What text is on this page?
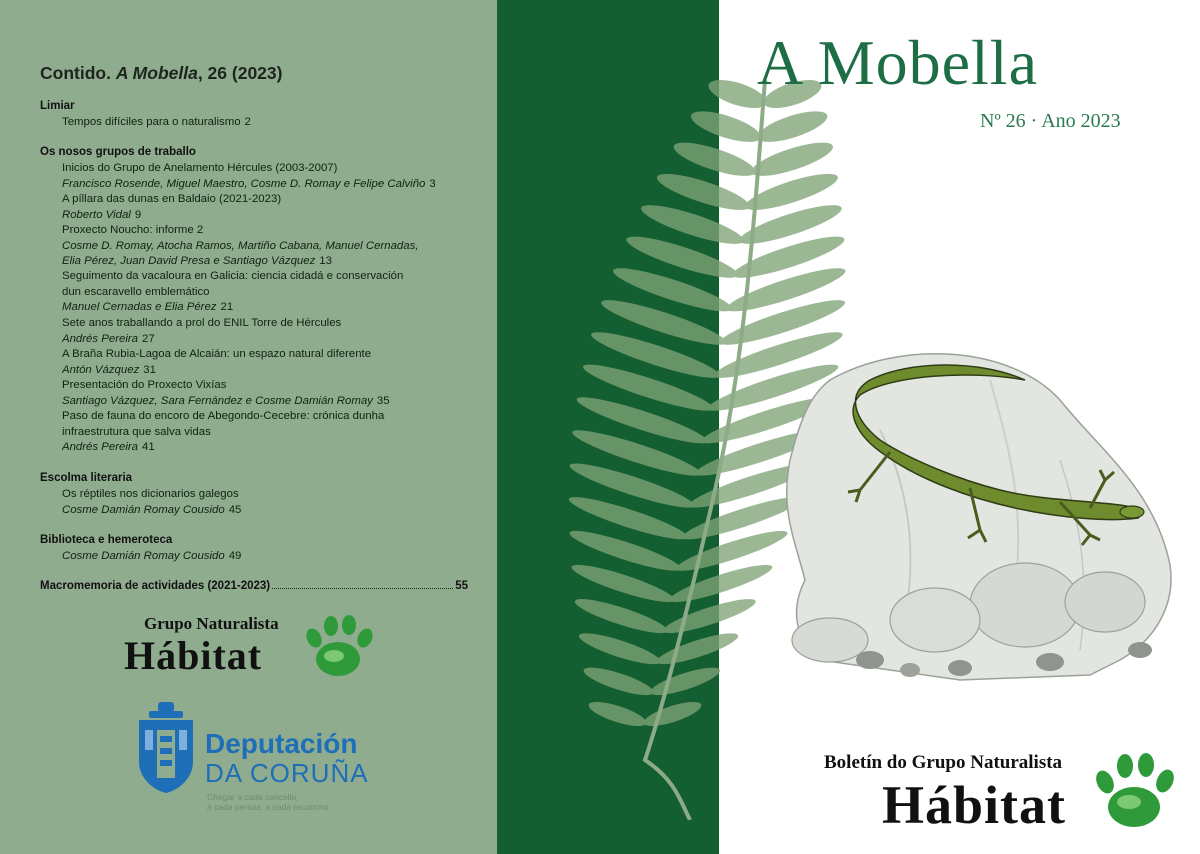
Contido. A Mobella, 26 (2023)
Limiar
Tempos difíciles para o naturalismo 2
Os nosos grupos de traballo
Inicios do Grupo de Anelamento Hércules (2003-2007)
Francisco Rosende, Miguel Maestro, Cosme D. Romay e Felipe Calviño 3
A píllara das dunas en Baldaio (2021-2023)
Roberto Vidal 9
Proxecto Noucho: informe 2
Cosme D. Romay, Atocha Ramos, Martiño Cabana, Manuel Cernadas,
Elia Pérez, Juan David Presa e Santiago Vázquez 13
Seguimento da vacaloura en Galicia: ciencia cidadá e conservación
dun escaravello emblemático
Manuel Cernadas e Elia Pérez 21
Sete anos traballando a prol do ENIL Torre de Hércules
Andrés Pereira 27
A Braña Rubia-Lagoa de Alcaián: un espazo natural diferente
Antón Vázquez 31
Presentación do Proxecto Vixías
Santiago Vázquez, Sara Fernández e Cosme Damián Romay 35
Paso de fauna do encoro de Abegondo-Cecebre: crónica dunha
infraestrutura que salva vidas
Andrés Pereira 41
Escolma literaria
Os réptiles nos dicionarios galegos
Cosme Damián Romay Cousido 45
Biblioteca e hemeroteca
Cosme Damián Romay Cousido 49
Macromemoria de actividades (2021-2023)	55
Grupo Naturalista
Hábitat
Deputación
DA CORUÑA
Chegar a cada concello,
a cada persoa, a cada recuncho
A Mobella
Nº 26 · Ano 2023
Boletín do Grupo Naturalista
Hábitat
